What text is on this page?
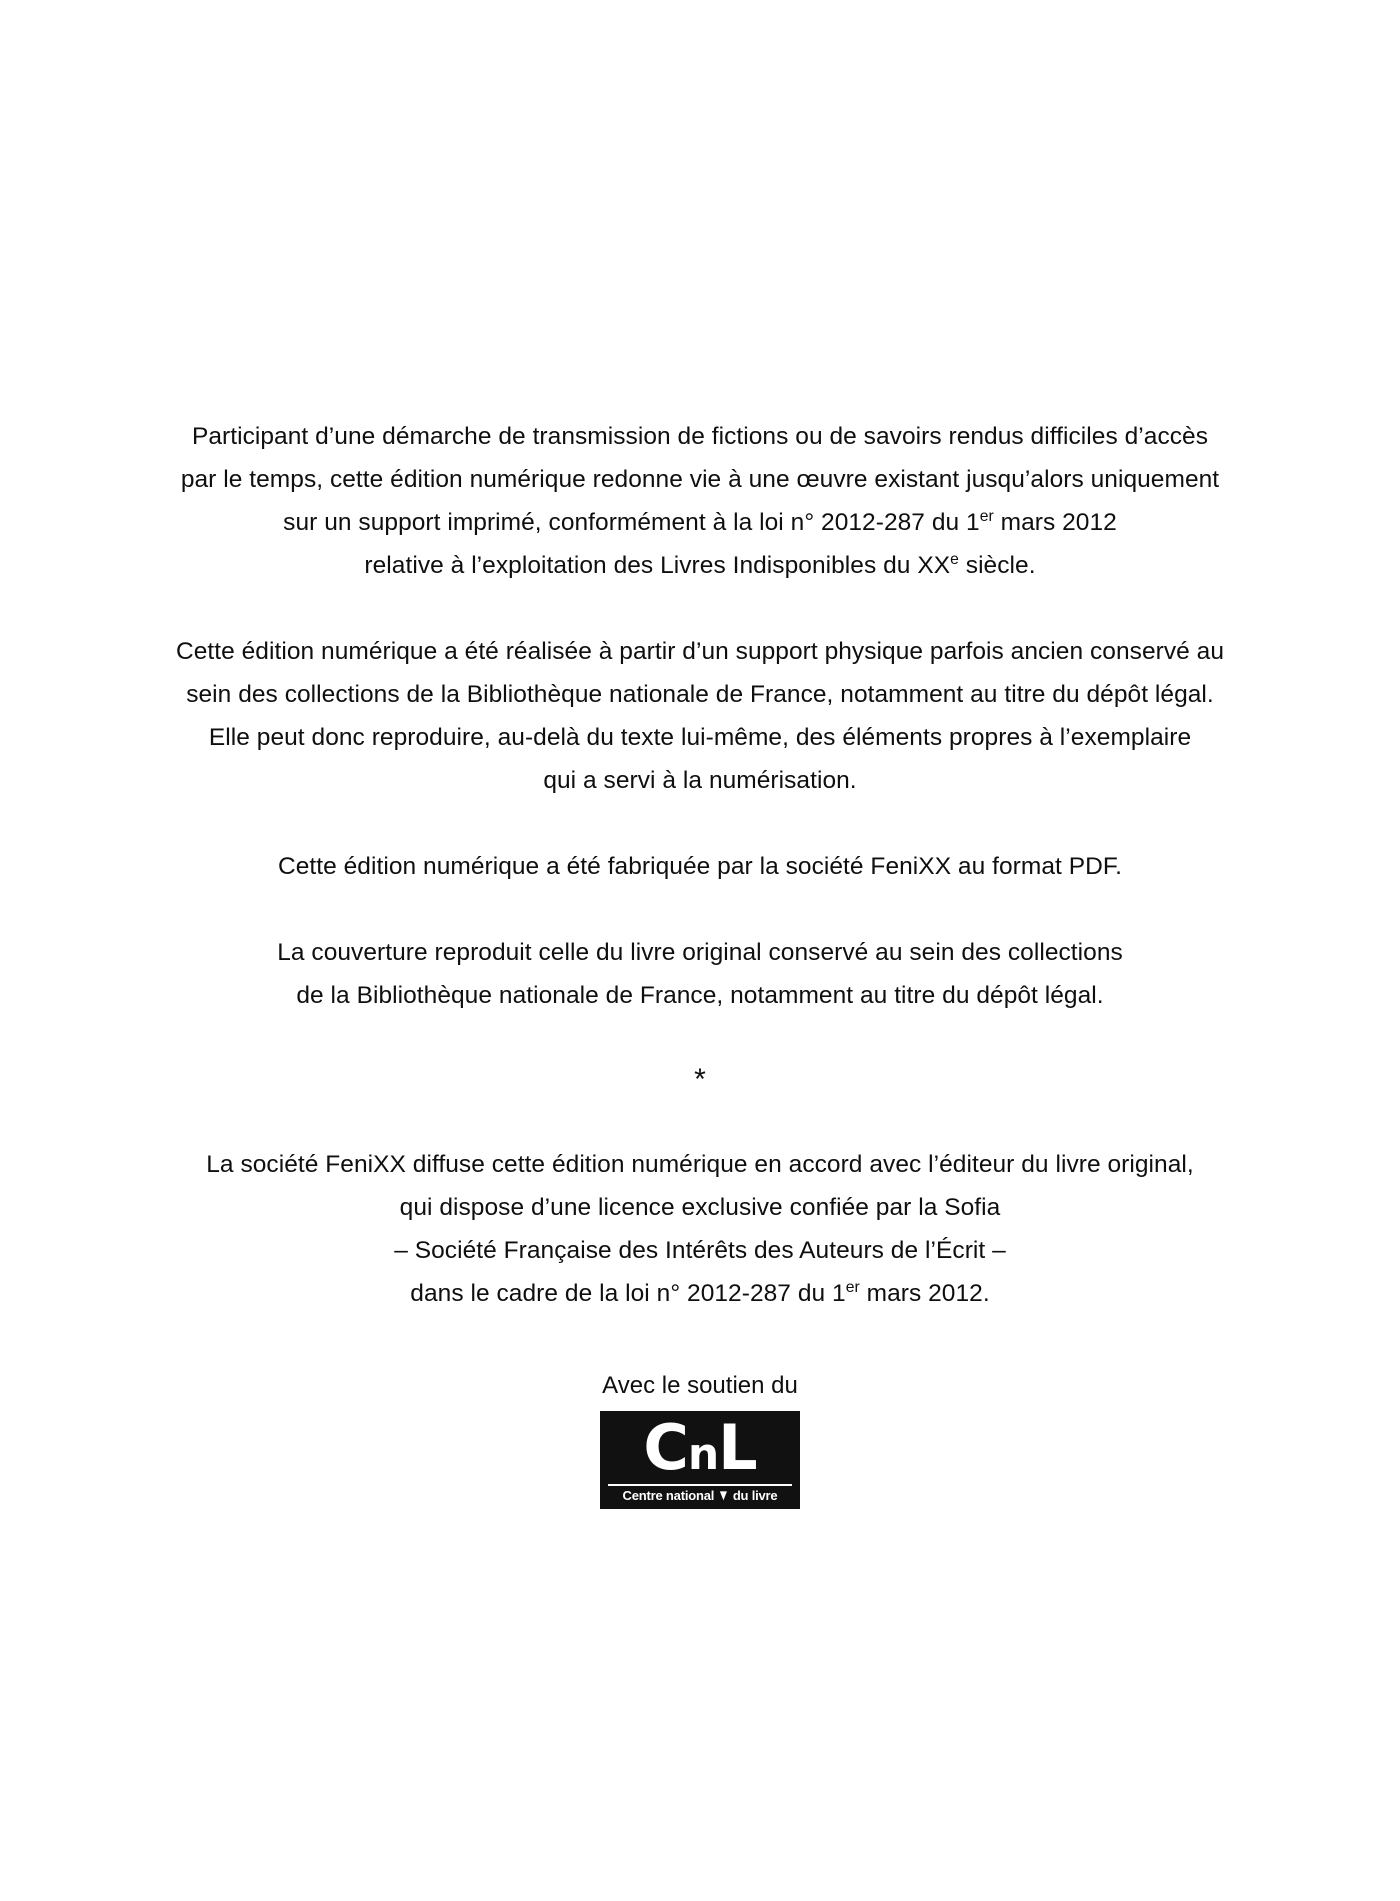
Participant d’une démarche de transmission de fictions ou de savoirs rendus difficiles d’accès
par le temps, cette édition numérique redonne vie à une œuvre existant jusqu’alors uniquement
sur un support imprimé, conformément à la loi n° 2012-287 du 1er mars 2012
relative à l’exploitation des Livres Indisponibles du XXe siècle.

Cette édition numérique a été réalisée à partir d’un support physique parfois ancien conservé au
sein des collections de la Bibliothèque nationale de France, notamment au titre du dépôt légal.
Elle peut donc reproduire, au-delà du texte lui-même, des éléments propres à l’exemplaire
qui a servi à la numérisation.

Cette édition numérique a été fabriquée par la société FeniXX au format PDF.

La couverture reproduit celle du livre original conservé au sein des collections
de la Bibliothèque nationale de France, notamment au titre du dépôt légal.

*

La société FeniXX diffuse cette édition numérique en accord avec l’éditeur du livre original,
qui dispose d’une licence exclusive confiée par la Sofia
– Société Française des Intérêts des Auteurs de l’Écrit –
dans le cadre de la loi n° 2012-287 du 1er mars 2012.

Avec le soutien du
CnL
Centre national ▼ du livre
